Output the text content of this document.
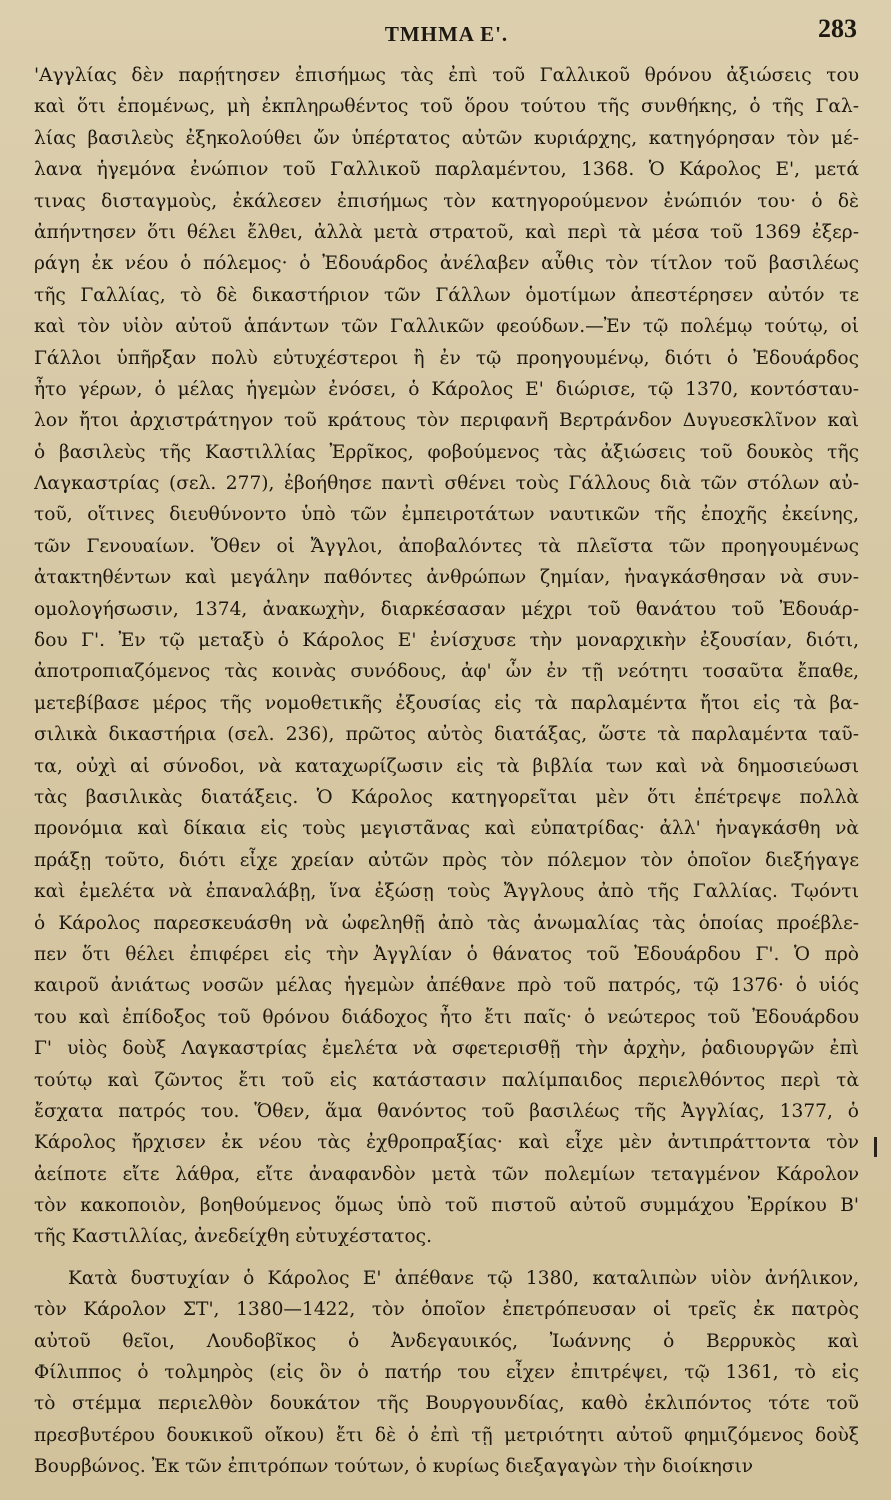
ΤΜΗΜΑ Ε'.	283
'Αγγλίας δὲν παρῄτησεν ἐπισήμως τὰς ἐπὶ τοῦ Γαλλικοῦ θρόνου ἀξιώσεις του
καὶ ὅτι ἑπομένως, μὴ ἐκπληρωθέντος τοῦ ὅρου τούτου τῆς συνθήκης, ὁ τῆς Γαλ-
λίας βασιλεὺς ἐξηκολούθει ὤν ὑπέρτατος αὐτῶν κυριάρχης, κατηγόρησαν τὸν μέ-
λανα ἡγεμόνα ἐνώπιον τοῦ Γαλλικοῦ παρλαμέντου, 1368. Ὁ Κάρολος Ε', μετά
τινας δισταγμοὺς, ἐκάλεσεν ἐπισήμως τὸν κατηγορούμενον ἐνώπιόν του· ὁ δὲ
ἀπήντησεν ὅτι θέλει ἔλθει, ἀλλὰ μετὰ στρατοῦ, καὶ περὶ τὰ μέσα τοῦ 1369 ἐξερ-
ράγη ἐκ νέου ὁ πόλεμος· ὁ Ἐδουάρδος ἀνέλαβεν αὖθις τὸν τίτλον τοῦ βασιλέως
τῆς Γαλλίας, τὸ δὲ δικαστήριον τῶν Γάλλων ὁμοτίμων ἀπεστέρησεν αὐτόν τε
καὶ τὸν υἱὸν αὐτοῦ ἁπάντων τῶν Γαλλικῶν φεούδων.—Ἐν τῷ πολέμῳ τούτῳ, οἱ
Γάλλοι ὑπῆρξαν πολὺ εὐτυχέστεροι ἢ ἐν τῷ προηγουμένῳ, διότι ὁ Ἐδουάρδος
ἦτο γέρων, ὁ μέλας ἡγεμὼν ἐνόσει, ὁ Κάρολος Ε' διώρισε, τῷ 1370, κοντόσταυ-
λον ἤτοι ἀρχιστράτηγον τοῦ κράτους τὸν περιφανῆ Βερτράνδον Δυγυεσκλῖνον καὶ
ὁ βασιλεὺς τῆς Καστιλλίας Ἐρρῖκος, φοβούμενος τὰς ἀξιώσεις τοῦ δουκὸς τῆς
Λαγκαστρίας (σελ. 277), ἐβοήθησε παντὶ σθένει τοὺς Γάλλους διὰ τῶν στόλων αὐ-
τοῦ, οἵτινες διευθύνοντο ὑπὸ τῶν ἐμπειροτάτων ναυτικῶν τῆς ἐποχῆς ἐκείνης,
τῶν Γενουαίων. Ὅθεν οἱ Ἄγγλοι, ἀποβαλόντες τὰ πλεῖστα τῶν προηγουμένως
ἀτακτηθέντων καὶ μεγάλην παθόντες ἀνθρώπων ζημίαν, ἠναγκάσθησαν νὰ συν-
ομολογήσωσιν, 1374, ἀνακωχὴν, διαρκέσασαν μέχρι τοῦ θανάτου τοῦ Ἐδουάρ-
δου Γ'. Ἐν τῷ μεταξὺ ὁ Κάρολος Ε' ἐνίσχυσε τὴν μοναρχικὴν ἐξουσίαν, διότι,
ἀποτροπιαζόμενος τὰς κοινὰς συνόδους, ἀφ' ὧν ἐν τῇ νεότητι τοσαῦτα ἔπαθε,
μετεβίβασε μέρος τῆς νομοθετικῆς ἐξουσίας εἰς τὰ παρλαμέντα ἤτοι εἰς τὰ βα-
σιλικὰ δικαστήρια (σελ. 236), πρῶτος αὐτὸς διατάξας, ὥστε τὰ παρλαμέντα ταῦ-
τα, οὐχὶ αἱ σύνοδοι, νὰ καταχωρίζωσιν εἰς τὰ βιβλία των καὶ νὰ δημοσιεύωσι
τὰς βασιλικὰς διατάξεις. Ὁ Κάρολος κατηγορεῖται μὲν ὅτι ἐπέτρεψε πολλὰ
προνόμια καὶ δίκαια εἰς τοὺς μεγιστᾶνας καὶ εὐπατρίδας· ἀλλ' ἠναγκάσθη νὰ
πράξῃ τοῦτο, διότι εἶχε χρείαν αὐτῶν πρὸς τὸν πόλεμον τὸν ὁποῖον διεξήγαγε
καὶ ἐμελέτα νὰ ἐπαναλάβῃ, ἵνα ἐξώσῃ τοὺς Ἄγγλους ἀπὸ τῆς Γαλλίας. Τῳόντι
ὁ Κάρολος παρεσκευάσθη νὰ ὠφεληθῇ ἀπὸ τὰς ἀνωμαλίας τὰς ὁποίας προέβλε-
πεν ὅτι θέλει ἐπιφέρει εἰς τὴν Ἀγγλίαν ὁ θάνατος τοῦ Ἐδουάρδου Γ'. Ὁ πρὸ
καιροῦ ἀνιάτως νοσῶν μέλας ἡγεμὼν ἀπέθανε πρὸ τοῦ πατρός, τῷ 1376· ὁ υἱός
του καὶ ἐπίδοξος τοῦ θρόνου διάδοχος ἦτο ἔτι παῖς· ὁ νεώτερος τοῦ Ἐδουάρδου
Γ' υἱὸς δοὺξ Λαγκαστρίας ἐμελέτα νὰ σφετερισθῇ τὴν ἀρχὴν, ῥαδιουργῶν ἐπὶ
τούτῳ καὶ ζῶντος ἔτι τοῦ εἰς κατάστασιν παλίμπαιδος περιελθόντος περὶ τὰ
ἔσχατα πατρός του. Ὅθεν, ἅμα θανόντος τοῦ βασιλέως τῆς Ἀγγλίας, 1377, ὁ
Κάρολος ἤρχισεν ἐκ νέου τὰς ἐχθροπραξίας· καὶ εἶχε μὲν ἀντιπράττοντα τὸν
ἀείποτε εἴτε λάθρα, εἴτε ἀναφανδὸν μετὰ τῶν πολεμίων τεταγμένον Κάρολον
τὸν κακοποιὸν, βοηθούμενος ὅμως ὑπὸ τοῦ πιστοῦ αὐτοῦ συμμάχου Ἐρρίκου Β'
τῆς Καστιλλίας, ἀνεδείχθη εὐτυχέστατος.
Κατὰ δυστυχίαν ὁ Κάρολος Ε' ἀπέθανε τῷ 1380, καταλιπὼν υἱὸν ἀνήλικον,
τὸν Κάρολον ΣΤ', 1380—1422, τὸν ὁποῖον ἐπετρόπευσαν οἱ τρεῖς ἐκ πατρὸς
αὐτοῦ θεῖοι, Λουδοβῖκος ὁ Ἀνδεγαυικός, Ἰωάννης ὁ Βερρυκὸς καὶ
Φίλιππος ὁ τολμηρὸς (εἰς ὃν ὁ πατήρ του εἶχεν ἐπιτρέψει, τῷ 1361, τὸ εἰς
τὸ στέμμα περιελθὸν δουκάτον τῆς Βουργουνδίας, καθὸ ἐκλιπόντος τότε τοῦ
πρεσβυτέρου δουκικοῦ οἴκου) ἔτι δὲ ὁ ἐπὶ τῇ μετριότητι αὐτοῦ φημιζόμενος δοὺξ
Βουρβώνος. Ἐκ τῶν ἐπιτρόπων τούτων, ὁ κυρίως διεξαγαγὼν τὴν διοίκησιν
